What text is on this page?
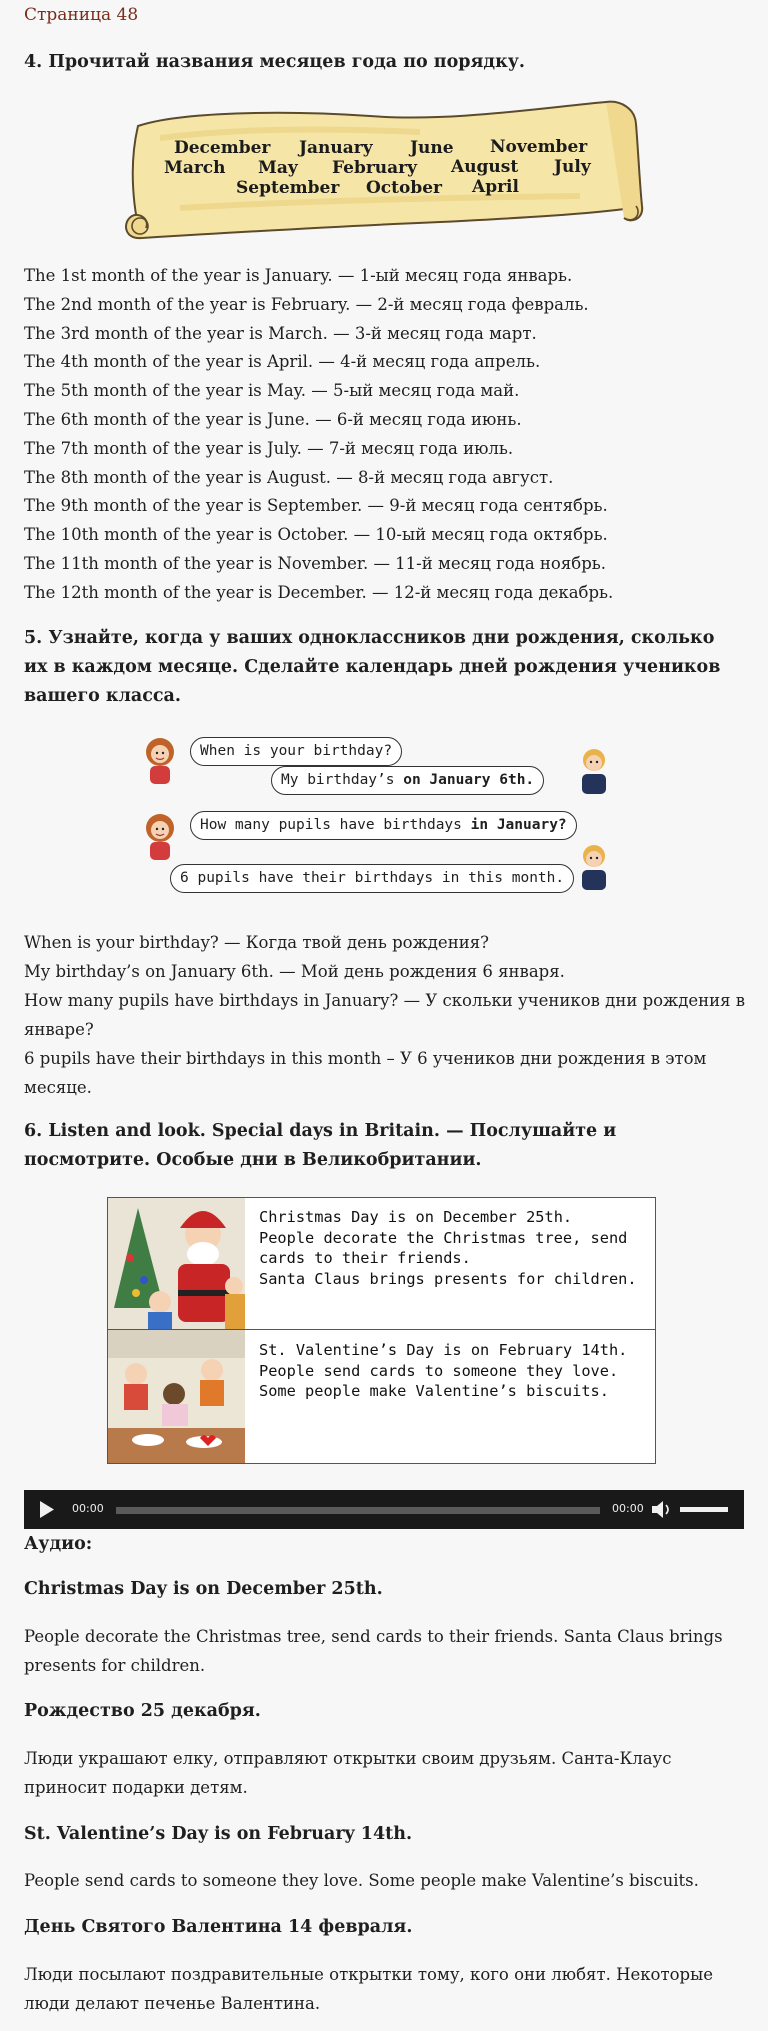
Страница 48
4. Прочитай названия месяцев года по порядку.
December January June November
March May February August July
September October April
The 1st month of the year is January. — 1-ый месяц года январь.
The 2nd month of the year is February. — 2-й месяц года февраль.
The 3rd month of the year is March. — 3-й месяц года март.
The 4th month of the year is April. — 4-й месяц года апрель.
The 5th month of the year is May. — 5-ый месяц года май.
The 6th month of the year is June. — 6-й месяц года июнь.
The 7th month of the year is July. — 7-й месяц года июль.
The 8th month of the year is August. — 8-й месяц года август.
The 9th month of the year is September. — 9-й месяц года сентябрь.
The 10th month of the year is October. — 10-ый месяц года октябрь.
The 11th month of the year is November. — 11-й месяц года ноябрь.
The 12th month of the year is December. — 12-й месяц года декабрь.
5. Узнайте, когда у ваших одноклассников дни рождения, сколько их в каждом месяце. Сделайте календарь дней рождения учеников вашего класса.
When is your birthday?
My birthday’s on January 6th.
How many pupils have birthdays in January?
6 pupils have their birthdays in this month.
When is your birthday? — Когда твой день рождения?
My birthday’s on January 6th. — Мой день рождения 6 января.
How many pupils have birthdays in January? — У скольки учеников дни рождения в январе?
6 pupils have their birthdays in this month – У 6 учеников дни рождения в этом месяце.
6. Listen and look. Special days in Britain. — Послушайте и посмотрите. Особые дни в Великобритании.
Christmas Day is on December 25th.
People decorate the Christmas tree, send
cards to their friends.
Santa Claus brings presents for children.
St. Valentine’s Day is on February 14th.
People send cards to someone they love.
Some people make Valentine’s biscuits.
00:00	00:00
Аудио:
Christmas Day is on December 25th.
People decorate the Christmas tree, send cards to their friends. Santa Claus brings presents for children.
Рождество 25 декабря.
Люди украшают елку, отправляют открытки своим друзьям. Санта-Клаус приносит подарки детям.
St. Valentine’s Day is on February 14th.
People send cards to someone they love. Some people make Valentine’s biscuits.
День Святого Валентина 14 февраля.
Люди посылают поздравительные открытки тому, кого они любят. Некоторые люди делают печенье Валентина.
